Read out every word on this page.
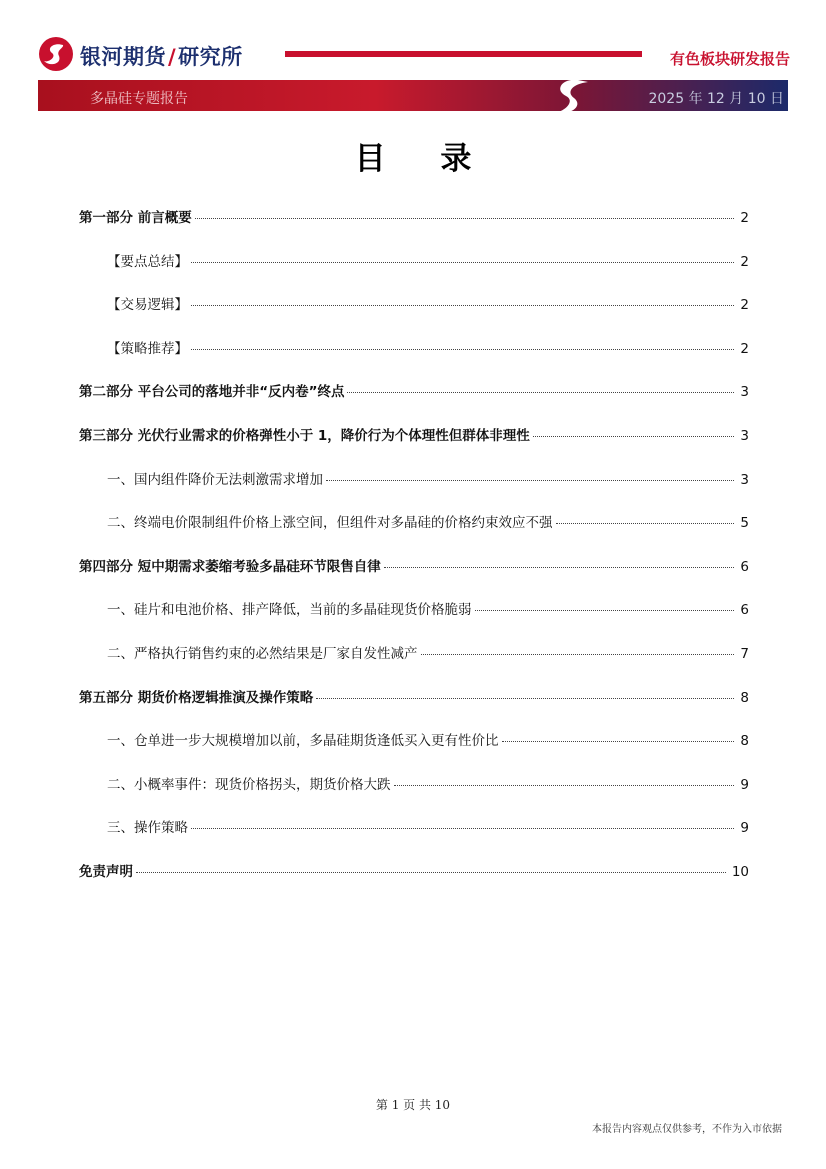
银河期货/研究所	有色板块研发报告
多晶硅专题报告	2025 年 12 月 10 日
目 录
第一部分 前言概要	2
【要点总结】	2
【交易逻辑】	2
【策略推荐】	2
第二部分 平台公司的落地并非“反内卷”终点	3
第三部分 光伏行业需求的价格弹性小于 1，降价行为个体理性但群体非理性	3
一、国内组件降价无法刺激需求增加	3
二、终端电价限制组件价格上涨空间，但组件对多晶硅的价格约束效应不强	5
第四部分 短中期需求萎缩考验多晶硅环节限售自律	6
一、硅片和电池价格、排产降低，当前的多晶硅现货价格脆弱	6
二、严格执行销售约束的必然结果是厂家自发性减产	7
第五部分 期货价格逻辑推演及操作策略	8
一、仓单进一步大规模增加以前，多晶硅期货逢低买入更有性价比	8
二、小概率事件：现货价格拐头，期货价格大跌	9
三、操作策略	9
免责声明	10
第 1 页 共 10
本报告内容观点仅供参考，不作为入市依据
